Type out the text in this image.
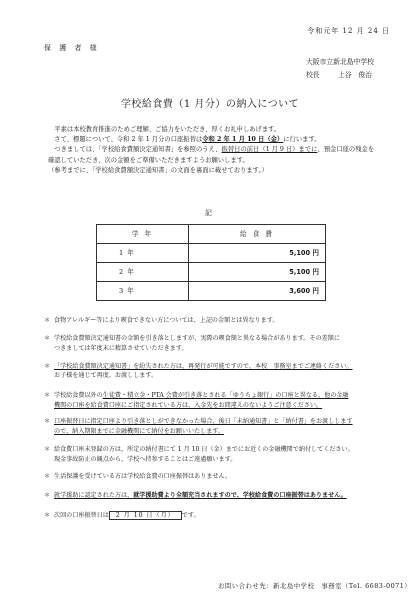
令和元年 12 月 24 日
保 護 者 様
大阪市立新北島中学校
校長	上谷　俊治
学校給食費（1 月分）の納入について

　平素は本校教育推進のためご理解、ご協力をいただき、厚くお礼申しあげます。

　さて、標題について、令和 2 年 1 月分の口座振替は令和 2 年 1 月 10 日（金）に行います。

　つきましては、「学校給食費額決定通知書」を参照のうえ、振替日の前日（1 月 9 日）までに、預金口座の残金を

確認していただき、次の金額をご準備いただきますようお願いします。

（参考までに、「学校給食費額決定通知書」の文面を裏面に載せております。）

記
学 年	給 食 費
1 年	5,100 円
2 年	5,100 円
3 年	3,600 円
＊ 食物アレルギー等により喫食できない方については、上記の金額とは異なります。
＊ 学校給食費額決定通知書の金額を引き落としますが、実際の喫食額と異なる場合があります。その差額に
つきましては年度末に精算させていただきます。
＊ 「学校給食費額決定通知書」を紛失された方は、再発行が可能ですので、本校　事務室までご連絡ください。
お子様を通じて再度、お渡しします。
＊ 学校給食費以外の生徒費・積立金・PTA 会費が引き落とされる「ゆうちょ銀行」の口座と異なる、他の金融
機関の口座を給食費口座にご指定されている方は、入金先をお間違えのないようご注意ください。
＊ 口座振替日に指定口座より引き落としができなかった場合、後日「未納通知書」と「納付書」をお渡しします
ので、納入期限までに金融機関にて納付をお願いいたします。
＊ 給食費口座未登録の方は、所定の納付書にて 1 月 10 日（金）までにお近くの金融機関で納付してください。
現金事故防止の観点から、学校へ持参することはご遠慮願います。
＊ 生活保護を受けている方は学校給食費の口座振替はありません。
＊ 就学援助に認定された方は、就学援助費より全額充当されますので、学校給食費の口座振替はありません。
＊ 次回の口座振替日は 2 月 10 日（月） です。
お問い合わせ先：新北島中学校　事務室（Tel. 6683-0071）
